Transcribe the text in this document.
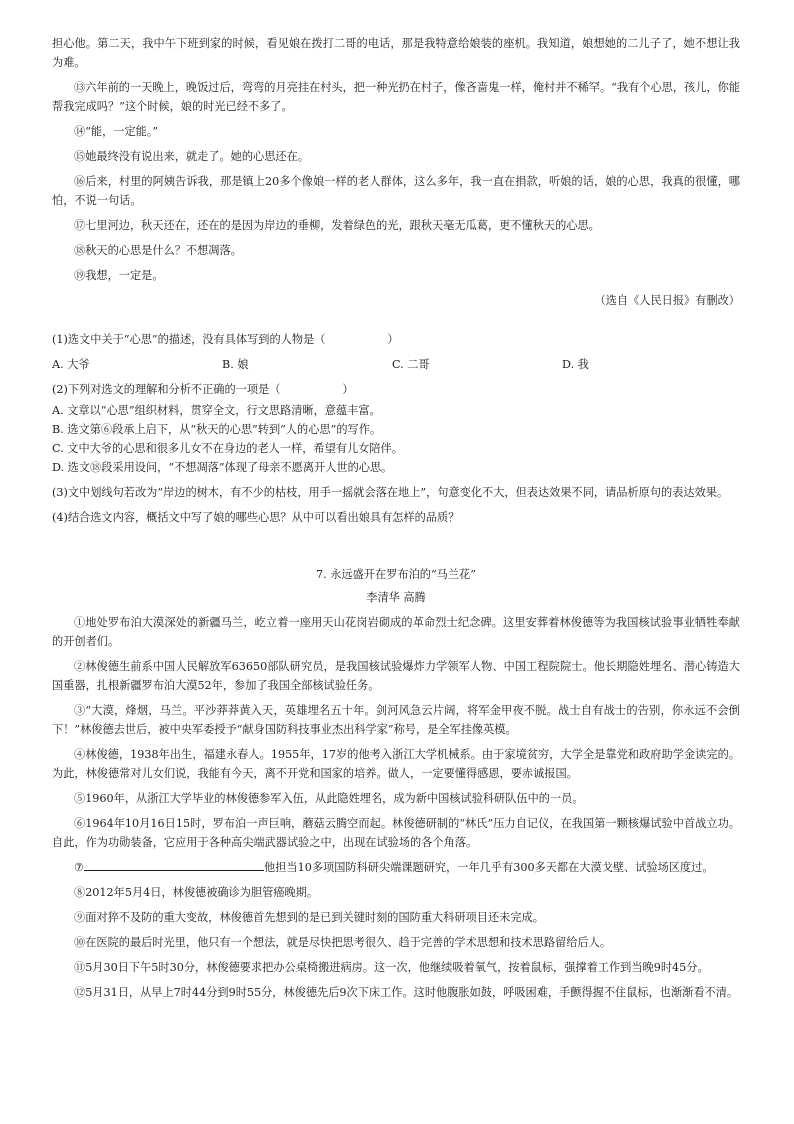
担心他。第二天，我中午下班到家的时候，看见娘在拨打二哥的电话，那是我特意给娘装的座机。我知道，娘想她的二儿子了，她不想让我为难。

⑬六年前的一天晚上，晚饭过后，弯弯的月亮挂在村头，把一种光扔在村子，像吝啬鬼一样，俺村并不稀罕。“我有个心思，孩儿，你能帮我完成吗？”这个时候，娘的时光已经不多了。

⑭“能，一定能。”

⑮她最终没有说出来，就走了。她的心思还在。

⑯后来，村里的阿姨告诉我，那是镇上20多个像娘一样的老人群体，这么多年，我一直在捐款，听娘的话，娘的心思，我真的很懂，哪怕，不说一句话。

⑰七里河边，秋天还在，还在的是因为岸边的垂柳，发着绿色的光，跟秋天毫无瓜葛，更不懂秋天的心思。

⑱秋天的心思是什么？不想凋落。

⑲我想，一定是。

（选自《人民日报》有删改）

(1)选文中关于“心思”的描述，没有具体写到的人物是（	）

A. 大爷	B. 娘	C. 二哥	D. 我

(2)下列对选文的理解和分析不正确的一项是（	）

A. 文章以“心思”组织材料，贯穿全文，行文思路清晰，意蕴丰富。

B. 选文第⑥段承上启下，从“秋天的心思”转到“人的心思”的写作。

C. 文中大爷的心思和很多儿女不在身边的老人一样，希望有儿女陪伴。

D. 选文⑱段采用设问，“不想凋落”体现了母亲不愿离开人世的心思。

(3)文中划线句若改为“岸边的树木，有不少的枯枝，用手一摇就会落在地上”，句意变化不大，但表达效果不同，请品析原句的表达效果。

(4)结合选文内容，概括文中写了娘的哪些心思？从中可以看出娘具有怎样的品质？

7. 永远盛开在罗布泊的“马兰花”

李清华 高腾

①地处罗布泊大漠深处的新疆马兰，屹立着一座用天山花岗岩砌成的革命烈士纪念碑。这里安葬着林俊德等为我国核试验事业牺牲奉献的开创者们。

②林俊德生前系中国人民解放军63650部队研究员，是我国核试验爆炸力学领军人物、中国工程院院士。他长期隐姓埋名、潜心铸造大国重器，扎根新疆罗布泊大漠52年，参加了我国全部核试验任务。

③“大漠，烽烟，马兰。平沙莽莽黄入天，英雄埋名五十年。剑河风急云片阔，将军金甲夜不脱。战士自有战士的告别，你永远不会倒下！”林俊德去世后，被中央军委授予“献身国防科技事业杰出科学家”称号，是全军挂像英模。

④林俊德，1938年出生，福建永春人。1955年，17岁的他考入浙江大学机械系。由于家境贫穷，大学全是靠党和政府助学金读完的。为此，林俊德常对儿女们说，我能有今天，离不开党和国家的培养。做人，一定要懂得感恩，要赤诚报国。

⑤1960年，从浙江大学毕业的林俊德参军入伍，从此隐姓埋名，成为新中国核试验科研队伍中的一员。

⑥1964年10月16日15时，罗布泊一声巨响，蘑菇云腾空而起。林俊德研制的“林氏”压力自记仪，在我国第一颗核爆试验中首战立功。自此，作为功勋装备，它应用于各种高尖端武器试验之中，出现在试验场的各个角落。

⑦	他担当10多项国防科研尖端课题研究，一年几乎有300多天都在大漠戈壁、试验场区度过。

⑧2012年5月4日，林俊德被确诊为胆管癌晚期。

⑨面对猝不及防的重大变故，林俊德首先想到的是已到关键时刻的国防重大科研项目还未完成。

⑩在医院的最后时光里，他只有一个想法，就是尽快把思考很久、趋于完善的学术思想和技术思路留给后人。

⑪5月30日下午5时30分，林俊德要求把办公桌椅搬进病房。这一次，他继续吸着氧气，按着鼠标，强撑着工作到当晚9时45分。

⑫5月31日，从早上7时44分到9时55分，林俊德先后9次下床工作。这时他腹胀如鼓，呼吸困难，手颤得握不住鼠标，也渐渐看不清。
